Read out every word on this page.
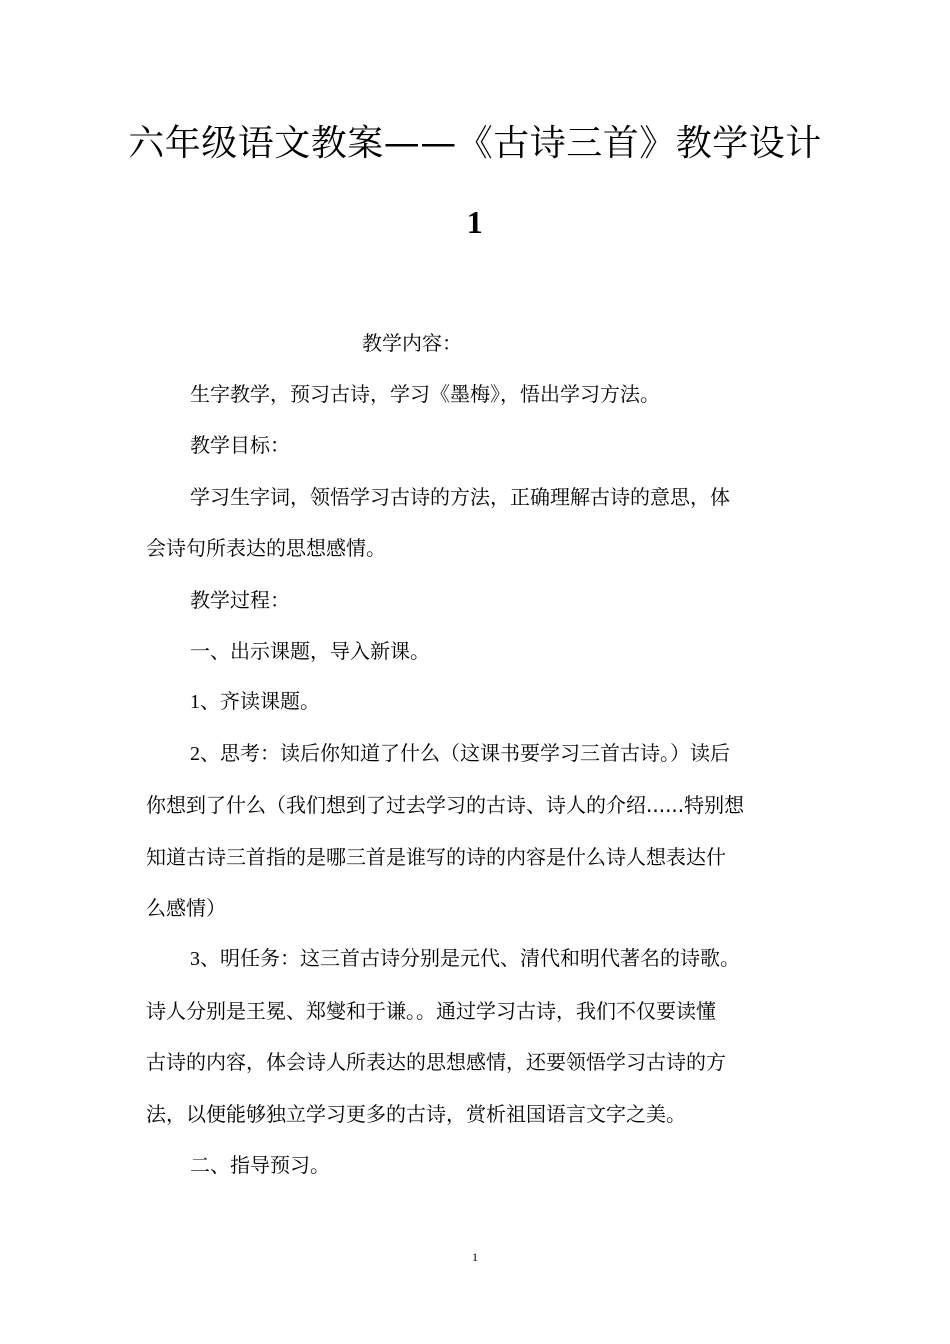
六年级语文教案——《古诗三首》教学设计
1
教学内容：
生字教学，预习古诗，学习《墨梅》，悟出学习方法。
教学目标：
学习生字词，领悟学习古诗的方法，正确理解古诗的意思，体
会诗句所表达的思想感情。
教学过程：
一、出示课题，导入新课。
1、齐读课题。
2、思考：读后你知道了什么（这课书要学习三首古诗。）读后
你想到了什么（我们想到了过去学习的古诗、诗人的介绍......特别想
知道古诗三首指的是哪三首是谁写的诗的内容是什么诗人想表达什
么感情）
3、明任务：这三首古诗分别是元代、清代和明代著名的诗歌。
诗人分别是王冕、郑燮和于谦。。通过学习古诗，我们不仅要读懂
古诗的内容，体会诗人所表达的思想感情，还要领悟学习古诗的方
法，以便能够独立学习更多的古诗，赏析祖国语言文字之美。
二、指导预习。
1
